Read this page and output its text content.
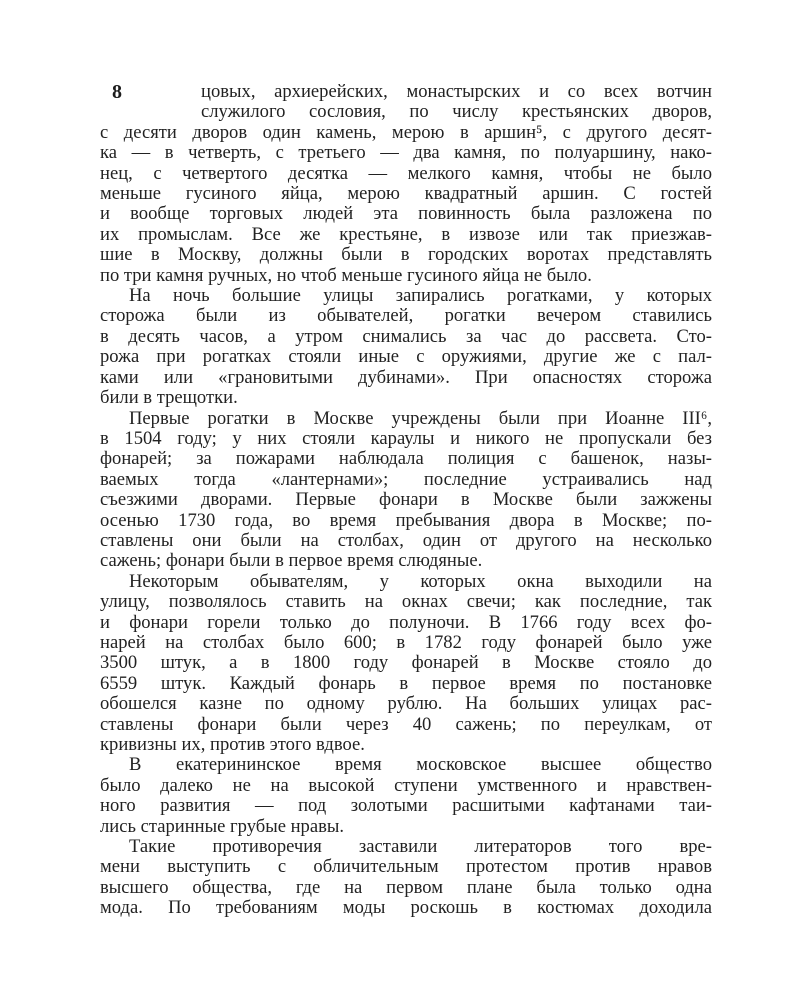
8	цовых, архиерейских, монастырских и со всех вотчин
служилого сословия, по числу крестьянских дворов,
с десяти дворов один камень, мерою в аршин⁵, с другого десят-
ка — в четверть, с третьего — два камня, по полуаршину, нако-
нец, с четвертого десятка — мелкого камня, чтобы не было
меньше гусиного яйца, мерою квадратный аршин. С гостей
и вообще торговых людей эта повинность была разложена по
их промыслам. Все же крестьяне, в извозе или так приезжав-
шие в Москву, должны были в городских воротах представлять
по три камня ручных, но чтоб меньше гусиного яйца не было.
На ночь большие улицы запирались рогатками, у которых
сторожа были из обывателей, рогатки вечером ставились
в десять часов, а утром снимались за час до рассвета. Сто-
рожа при рогатках стояли иные с оружиями, другие же с пал-
ками или «грановитыми дубинами». При опасностях сторожа
били в трещотки.
Первые рогатки в Москве учреждены были при Иоанне III⁶,
в 1504 году; у них стояли караулы и никого не пропускали без
фонарей; за пожарами наблюдала полиция с башенок, назы-
ваемых тогда «лантернами»; последние устраивались над
съезжими дворами. Первые фонари в Москве были зажжены
осенью 1730 года, во время пребывания двора в Москве; по-
ставлены они были на столбах, один от другого на несколько
сажень; фонари были в первое время слюдяные.
Некоторым обывателям, у которых окна выходили на
улицу, позволялось ставить на окнах свечи; как последние, так
и фонари горели только до полуночи. В 1766 году всех фо-
нарей на столбах было 600; в 1782 году фонарей было уже
3500 штук, а в 1800 году фонарей в Москве стояло до
6559 штук. Каждый фонарь в первое время по постановке
обошелся казне по одному рублю. На больших улицах рас-
ставлены фонари были через 40 сажень; по переулкам, от
кривизны их, против этого вдвое.
В екатерининское время московское высшее общество
было далеко не на высокой ступени умственного и нравствен-
ного развития — под золотыми расшитыми кафтанами таи-
лись старинные грубые нравы.
Такие противоречия заставили литераторов того вре-
мени выступить с обличительным протестом против нравов
высшего общества, где на первом плане была только одна
мода. По требованиям моды роскошь в костюмах доходила
